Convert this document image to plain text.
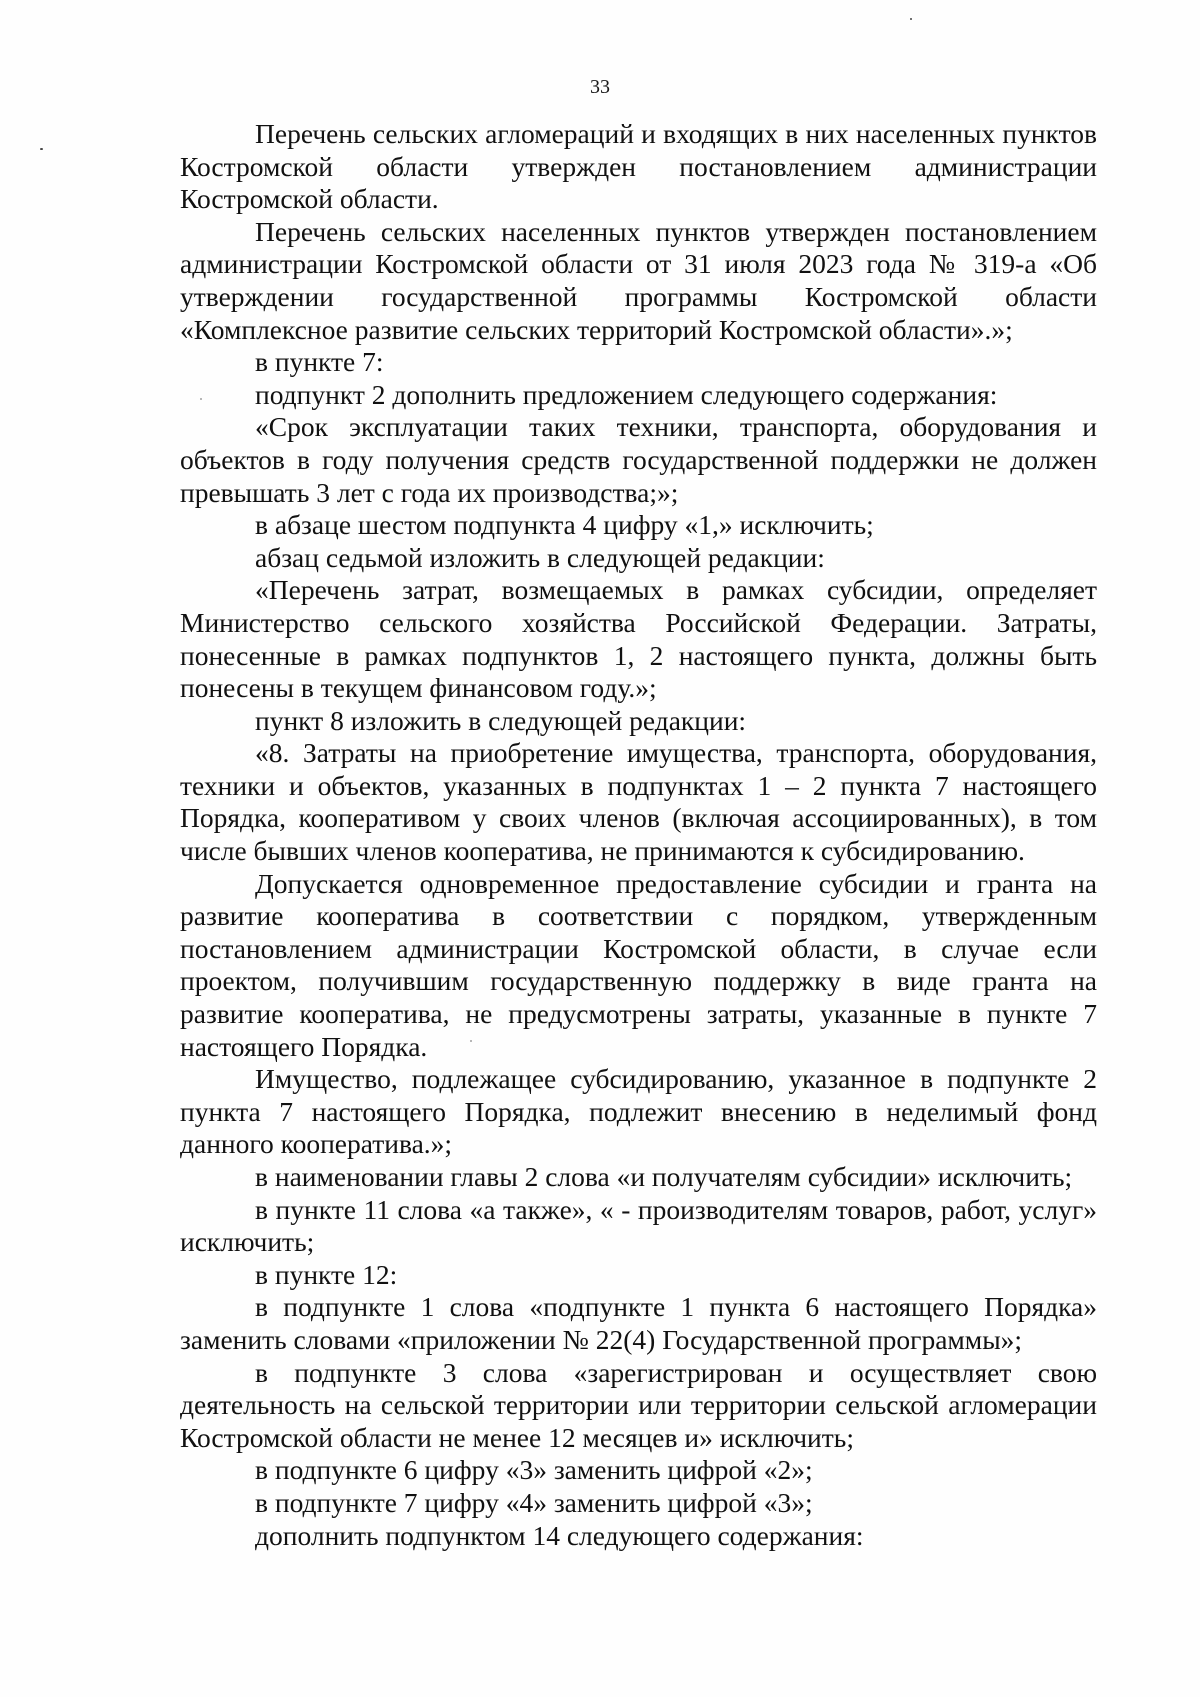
33

Перечень сельских агломераций и входящих в них населенных пунктов Костромской области утвержден постановлением администрации Костромской области.

Перечень сельских населенных пунктов утвержден постановлением администрации Костромской области от 31 июля 2023 года № 319-а «Об утверждении государственной программы Костромской области «Комплексное развитие сельских территорий Костромской области».»;

в пункте 7:

подпункт 2 дополнить предложением следующего содержания:

«Срок эксплуатации таких техники, транспорта, оборудования и объектов в году получения средств государственной поддержки не должен превышать 3 лет с года их производства;»;

в абзаце шестом подпункта 4 цифру «1,» исключить;

абзац седьмой изложить в следующей редакции:

«Перечень затрат, возмещаемых в рамках субсидии, определяет Министерство сельского хозяйства Российской Федерации. Затраты, понесенные в рамках подпунктов 1, 2 настоящего пункта, должны быть понесены в текущем финансовом году.»;

пункт 8 изложить в следующей редакции:

«8. Затраты на приобретение имущества, транспорта, оборудования, техники и объектов, указанных в подпунктах 1 – 2 пункта 7 настоящего Порядка, кооперативом у своих членов (включая ассоциированных), в том числе бывших членов кооператива, не принимаются к субсидированию.

Допускается одновременное предоставление субсидии и гранта на развитие кооператива в соответствии с порядком, утвержденным постановлением администрации Костромской области, в случае если проектом, получившим государственную поддержку в виде гранта на развитие кооператива, не предусмотрены затраты, указанные в пункте 7 настоящего Порядка.

Имущество, подлежащее субсидированию, указанное в подпункте 2 пункта 7 настоящего Порядка, подлежит внесению в неделимый фонд данного кооператива.»;

в наименовании главы 2 слова «и получателям субсидии» исключить;

в пункте 11 слова «а также», « - производителям товаров, работ, услуг» исключить;

в пункте 12:

в подпункте 1 слова «подпункте 1 пункта 6 настоящего Порядка» заменить словами «приложении № 22(4) Государственной программы»;

в подпункте 3 слова «зарегистрирован и осуществляет свою деятельность на сельской территории или территории сельской агломерации Костромской области не менее 12 месяцев и» исключить;

в подпункте 6 цифру «3» заменить цифрой «2»;

в подпункте 7 цифру «4» заменить цифрой «3»;

дополнить подпунктом 14 следующего содержания:
